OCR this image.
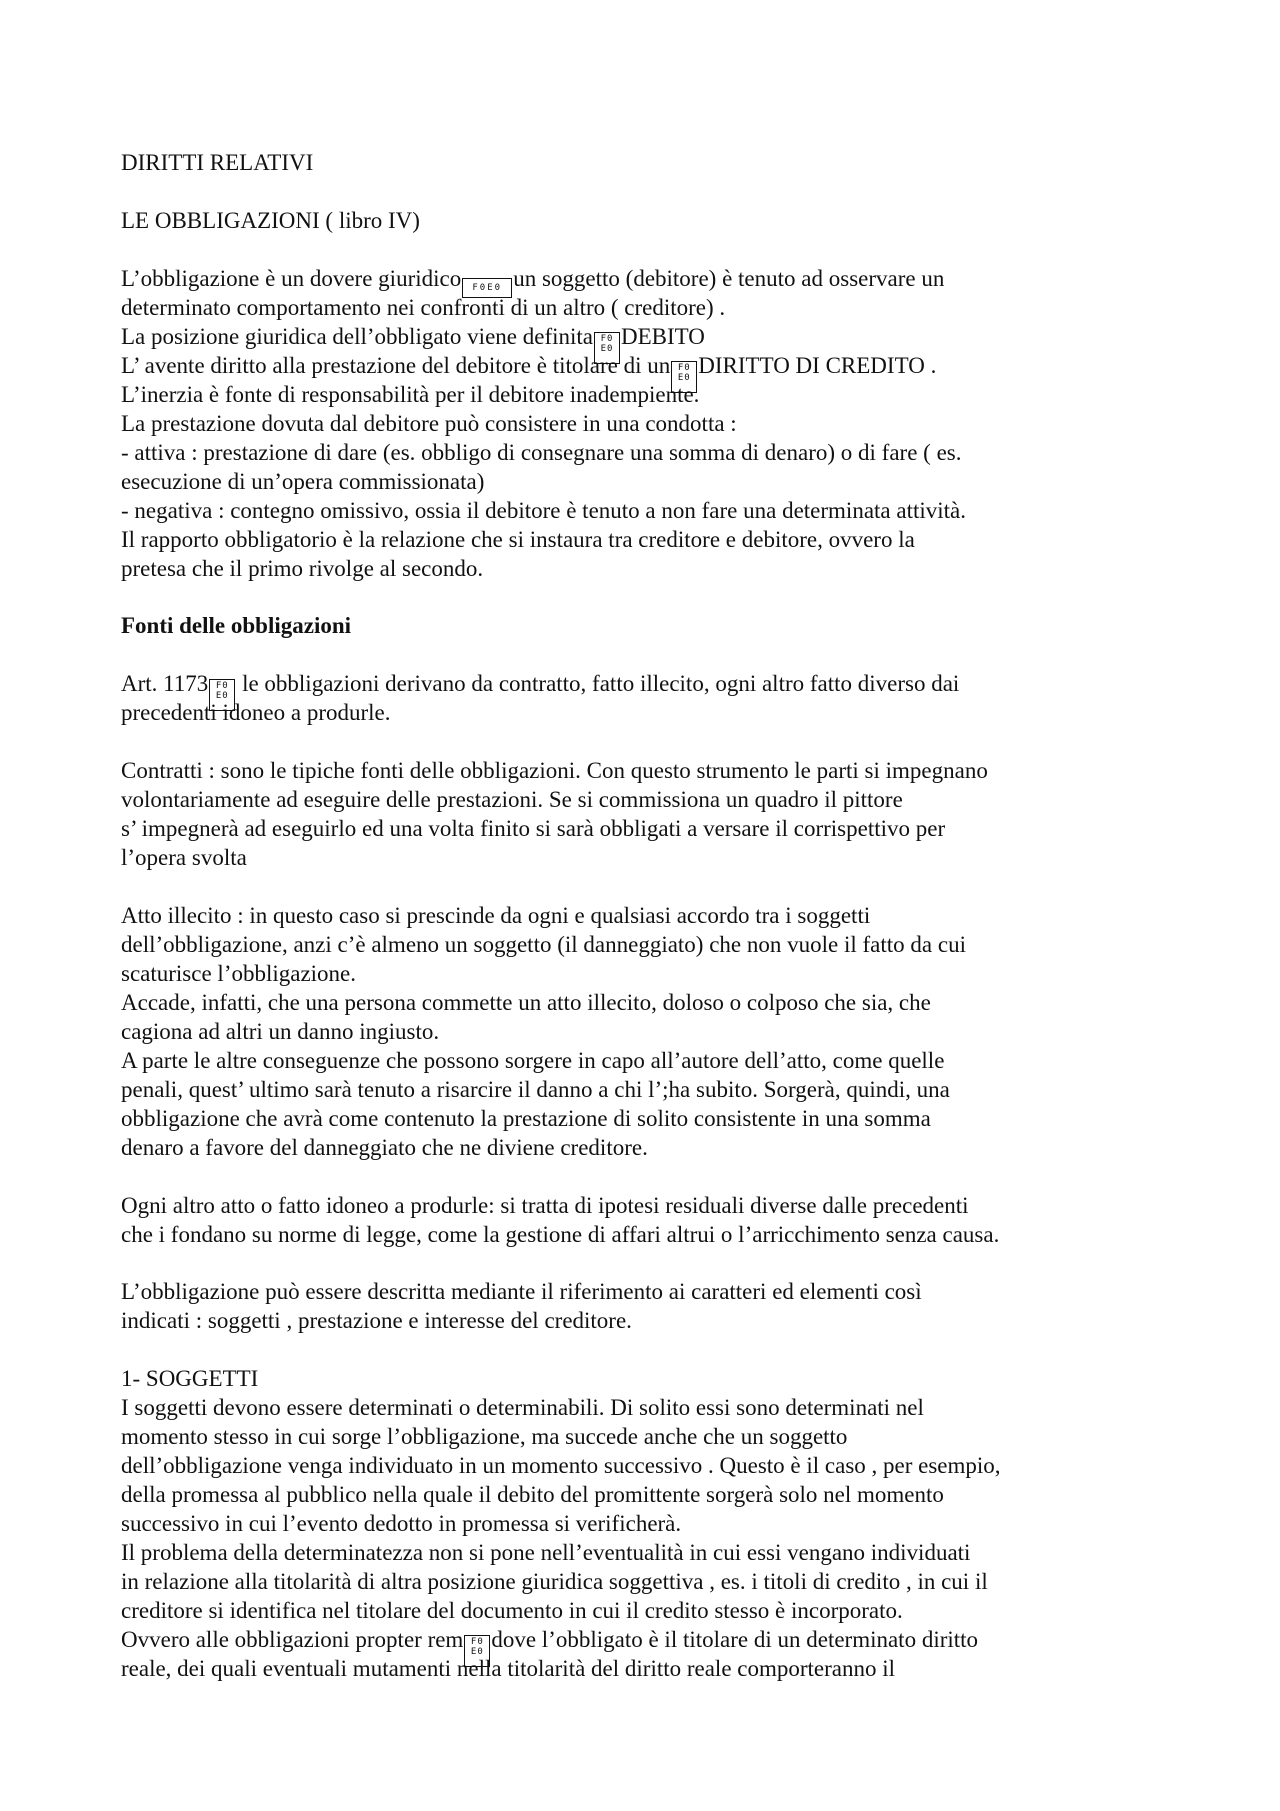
DIRITTI RELATIVI
LE OBBLIGAZIONI ( libro IV)
L’obbligazione è un dovere giuridico F0E0 un soggetto (debitore) è tenuto ad osservare un
determinato comportamento nei confronti di un altro ( creditore) .
La posizione giuridica dell’obbligato viene definita F0
E0 DEBITO
L’ avente diritto alla prestazione del debitore è titolare di un F0
E0 DIRITTO DI CREDITO .
L’inerzia è fonte di responsabilità per il debitore inadempiente.
La prestazione dovuta dal debitore può consistere in una condotta :
- attiva : prestazione di dare (es. obbligo di consegnare una somma di denaro) o di fare ( es.
esecuzione di un’opera commissionata)
- negativa : contegno omissivo, ossia il debitore è tenuto a non fare una determinata attività.
Il rapporto obbligatorio è la relazione che si instaura tra creditore e debitore, ovvero la
pretesa che il primo rivolge al secondo.
Fonti delle obbligazioni
Art. 1173 F0
E0 le obbligazioni derivano da contratto, fatto illecito, ogni altro fatto diverso dai
precedenti idoneo a produrle.
Contratti : sono le tipiche fonti delle obbligazioni. Con questo strumento le parti si impegnano
volontariamente ad eseguire delle prestazioni. Se si commissiona un quadro il pittore
s’ impegnerà ad eseguirlo ed una volta finito si sarà obbligati a versare il corrispettivo per
l’opera svolta
Atto illecito : in questo caso si prescinde da ogni e qualsiasi accordo tra i soggetti
dell’obbligazione, anzi c’è almeno un soggetto (il danneggiato) che non vuole il fatto da cui
scaturisce l’obbligazione.
Accade, infatti, che una persona commette un atto illecito, doloso o colposo che sia, che
cagiona ad altri un danno ingiusto.
A parte le altre conseguenze che possono sorgere in capo all’autore dell’atto, come quelle
penali, quest’ ultimo sarà tenuto a risarcire il danno a chi l’;ha subito. Sorgerà, quindi, una
obbligazione che avrà come contenuto la prestazione di solito consistente in una somma
denaro a favore del danneggiato che ne diviene creditore.
Ogni altro atto o fatto idoneo a produrle: si tratta di ipotesi residuali diverse dalle precedenti
che i fondano su norme di legge, come la gestione di affari altrui o l’arricchimento senza causa.
L’obbligazione può essere descritta mediante il riferimento ai caratteri ed elementi così
indicati : soggetti , prestazione e interesse del creditore.
1- SOGGETTI
I soggetti devono essere determinati o determinabili. Di solito essi sono determinati nel
momento stesso in cui sorge l’obbligazione, ma succede anche che un soggetto
dell’obbligazione venga individuato in un momento successivo . Questo è il caso , per esempio,
della promessa al pubblico nella quale il debito del promittente sorgerà solo nel momento
successivo in cui l’evento dedotto in promessa si verificherà.
Il problema della determinatezza non si pone nell’eventualità in cui essi vengano individuati
in relazione alla titolarità di altra posizione giuridica soggettiva , es. i titoli di credito , in cui il
creditore si identifica nel titolare del documento in cui il credito stesso è incorporato.
Ovvero alle obbligazioni propter rem F0
E0 dove l’obbligato è il titolare di un determinato diritto
reale, dei quali eventuali mutamenti nella titolarità del diritto reale comporteranno il
